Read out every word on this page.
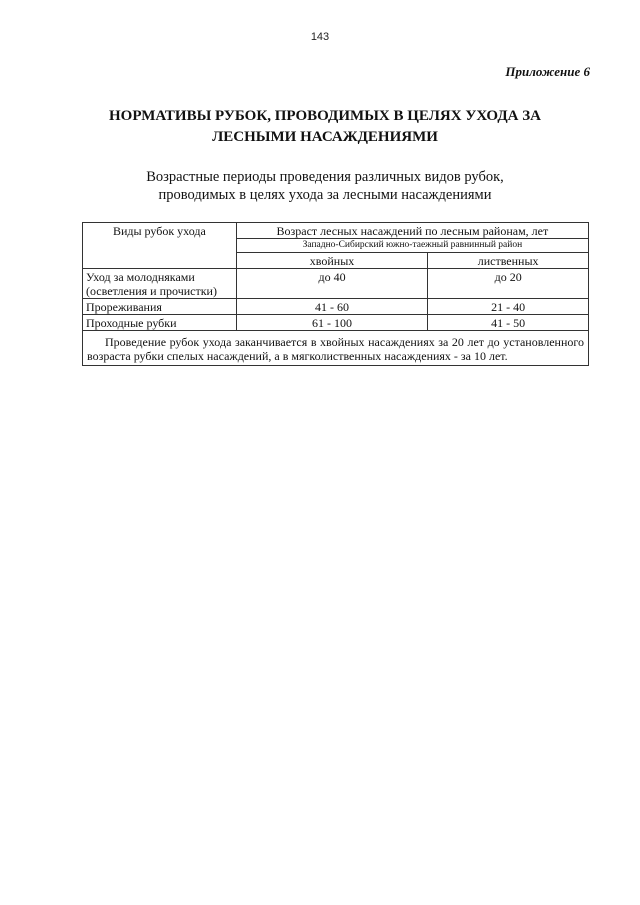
143
Приложение 6
НОРМАТИВЫ РУБОК, ПРОВОДИМЫХ В ЦЕЛЯХ УХОДА ЗА
ЛЕСНЫМИ НАСАЖДЕНИЯМИ

Возрастные периоды проведения различных видов рубок,
проводимых в целях ухода за лесными насаждениями

Виды рубок ухода	Возраст лесных насаждений по лесным районам, лет	
	Западно-Сибирский южно-таежный равнинный район	
	хвойных	лиственных
Уход за молодняками
(осветления и прочистки)	до 40	до 20
Прореживания	41 - 60	21 - 40
Проходные рубки	61 - 100	41 - 50
Проведение рубок ухода заканчивается в хвойных насаждениях за 20 лет до установленного возраста рубки спелых насаждений, а в мягколиственных насаждениях - за 10 лет.		
